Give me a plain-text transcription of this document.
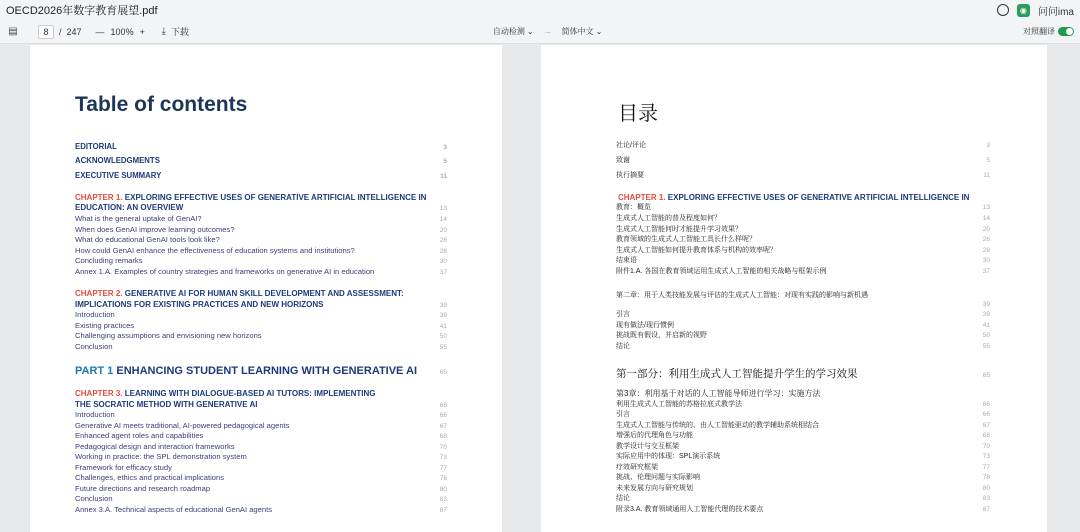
OECD2026年数字教育展望.pdf	◉	问问ima
▤	8	/ 247 — 100% +	⤓ 下载	自动检测 ⌄ → 简体中文 ⌄	对照翻译
Table of contents
EDITORIAL	3
ACKNOWLEDGMENTS	5
EXECUTIVE SUMMARY	11
CHAPTER 1. EXPLORING EFFECTIVE USES OF GENERATIVE ARTIFICIAL INTELLIGENCE IN
EDUCATION: AN OVERVIEW	13
What is the general uptake of GenAI?	14
When does GenAI improve learning outcomes?	20
What do educational GenAI tools look like?	26
How could GenAI enhance the effectiveness of education systems and institutions?	28
Concluding remarks	30
Annex 1.A. Examples of country strategies and frameworks on generative AI in education	37
CHAPTER 2. GENERATIVE AI FOR HUMAN SKILL DEVELOPMENT AND ASSESSMENT:
IMPLICATIONS FOR EXISTING PRACTICES AND NEW HORIZONS	39
Introduction	39
Existing practices	41
Challenging assumptions and envisioning new horizons	50
Conclusion	55
PART 1 ENHANCING STUDENT LEARNING WITH GENERATIVE AI	65
CHAPTER 3. LEARNING WITH DIALOGUE-BASED AI TUTORS: IMPLEMENTING
THE SOCRATIC METHOD WITH GENERATIVE AI	66
Introduction	66
Generative AI meets traditional, AI-powered pedagogical agents	67
Enhanced agent roles and capabilities	68
Pedagogical design and interaction frameworks	70
Working in practice: the SPL demonstration system	73
Framework for efficacy study	77
Challenges, ethics and practical implications	78
Future directions and research roadmap	80
Conclusion	83
Annex 3.A. Technical aspects of educational GenAI agents	87
目录
社论/评论	3
致谢	5
执行摘要	11
CHAPTER 1. EXPLORING EFFECTIVE USES OF GENERATIVE ARTIFICIAL INTELLIGENCE IN
教育：概览	13
生成式人工智能的普及程度如何？	14
生成式人工智能何时才能提升学习效果？	20
教育领域的生成式人工智能工具长什么样呢？	26
生成式人工智能如何提升教育体系与机构的效率呢？	28
结束语	30
附件1.A. 各国在教育领域运用生成式人工智能的相关战略与框架示例	37
第二章：用于人类技能发展与评估的生成式人工智能：对现有实践的影响与新机遇
39
引言	39
现有做法/现行惯例	41
挑战既有假设，并启新的视野	50
结论	55
第一部分：利用生成式人工智能提升学生的学习效果	65
第3章：利用基于对话的人工智能导师进行学习：实施方法
利用生成式人工智能的苏格拉底式教学法	66
引言	66
生成式人工智能与传统的、由人工智能驱动的教学辅助系统相结合	67
增强后的代理角色与功能	68
教学设计与交互框架	70
实际应用中的体现：SPL演示系统	73
疗效研究框架	77
挑战、伦理问题与实际影响	78
未来发展方向与研究规划	80
结论	83
附录3.A. 教育领域通用人工智能代理的技术要点	87
